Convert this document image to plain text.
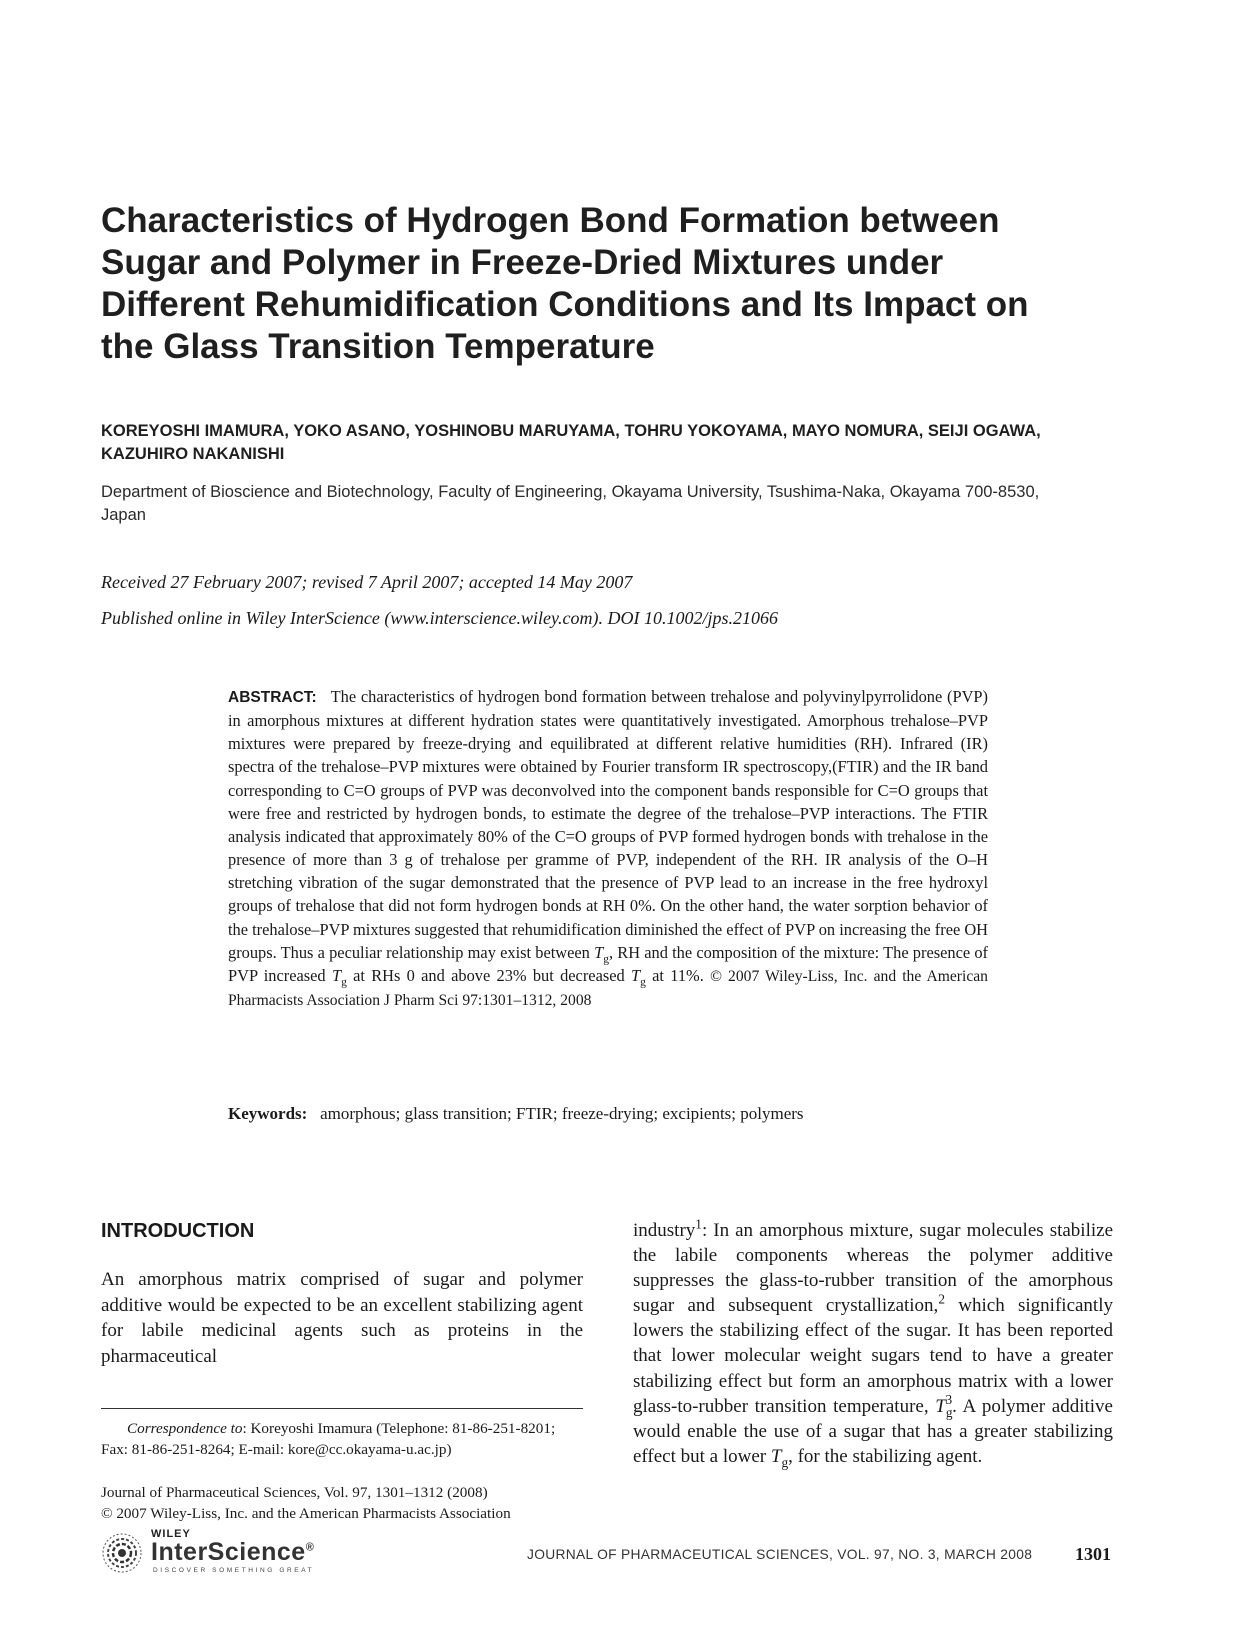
Characteristics of Hydrogen Bond Formation between Sugar and Polymer in Freeze-Dried Mixtures under Different Rehumidification Conditions and Its Impact on the Glass Transition Temperature
KOREYOSHI IMAMURA, YOKO ASANO, YOSHINOBU MARUYAMA, TOHRU YOKOYAMA, MAYO NOMURA, SEIJI OGAWA, KAZUHIRO NAKANISHI
Department of Bioscience and Biotechnology, Faculty of Engineering, Okayama University, Tsushima-Naka, Okayama 700-8530, Japan
Received 27 February 2007; revised 7 April 2007; accepted 14 May 2007
Published online in Wiley InterScience (www.interscience.wiley.com). DOI 10.1002/jps.21066
ABSTRACT: The characteristics of hydrogen bond formation between trehalose and polyvinylpyrrolidone (PVP) in amorphous mixtures at different hydration states were quantitatively investigated. Amorphous trehalose–PVP mixtures were prepared by freeze-drying and equilibrated at different relative humidities (RH). Infrared (IR) spectra of the trehalose–PVP mixtures were obtained by Fourier transform IR spectroscopy,(FTIR) and the IR band corresponding to C=O groups of PVP was deconvolved into the component bands responsible for C=O groups that were free and restricted by hydrogen bonds, to estimate the degree of the trehalose–PVP interactions. The FTIR analysis indicated that approximately 80% of the C=O groups of PVP formed hydrogen bonds with trehalose in the presence of more than 3 g of trehalose per gramme of PVP, independent of the RH. IR analysis of the O–H stretching vibration of the sugar demonstrated that the presence of PVP lead to an increase in the free hydroxyl groups of trehalose that did not form hydrogen bonds at RH 0%. On the other hand, the water sorption behavior of the trehalose–PVP mixtures suggested that rehumidification diminished the effect of PVP on increasing the free OH groups. Thus a peculiar relationship may exist between $T_g$, RH and the composition of the mixture: The presence of PVP increased $T_g$ at RHs 0 and above 23% but decreased $T_g$ at 11%. © 2007 Wiley-Liss, Inc. and the American Pharmacists Association J Pharm Sci 97:1301–1312, 2008
Keywords: amorphous; glass transition; FTIR; freeze-drying; excipients; polymers
INTRODUCTION
An amorphous matrix comprised of sugar and polymer additive would be expected to be an excellent stabilizing agent for labile medicinal agents such as proteins in the pharmaceutical
industry$^1$: In an amorphous mixture, sugar molecules stabilize the labile components whereas the polymer additive suppresses the glass-to-rubber transition of the amorphous sugar and subsequent crystallization,$^2$ which significantly lowers the stabilizing effect of the sugar. It has been reported that lower molecular weight sugars tend to have a greater stabilizing effect but form an amorphous matrix with a lower glass-to-rubber transition temperature, $T_g^3$. A polymer additive would enable the use of a sugar that has a greater stabilizing effect but a lower $T_g$, for the stabilizing agent.
Correspondence to: Koreyoshi Imamura (Telephone: 81-86-251-8201; Fax: 81-86-251-8264; E-mail: kore@cc.okayama-u.ac.jp)
Journal of Pharmaceutical Sciences, Vol. 97, 1301–1312 (2008)
© 2007 Wiley-Liss, Inc. and the American Pharmacists Association
WILEY
InterScience®
DISCOVER SOMETHING GREAT
JOURNAL OF PHARMACEUTICAL SCIENCES, VOL. 97, NO. 3, MARCH 2008 1301
